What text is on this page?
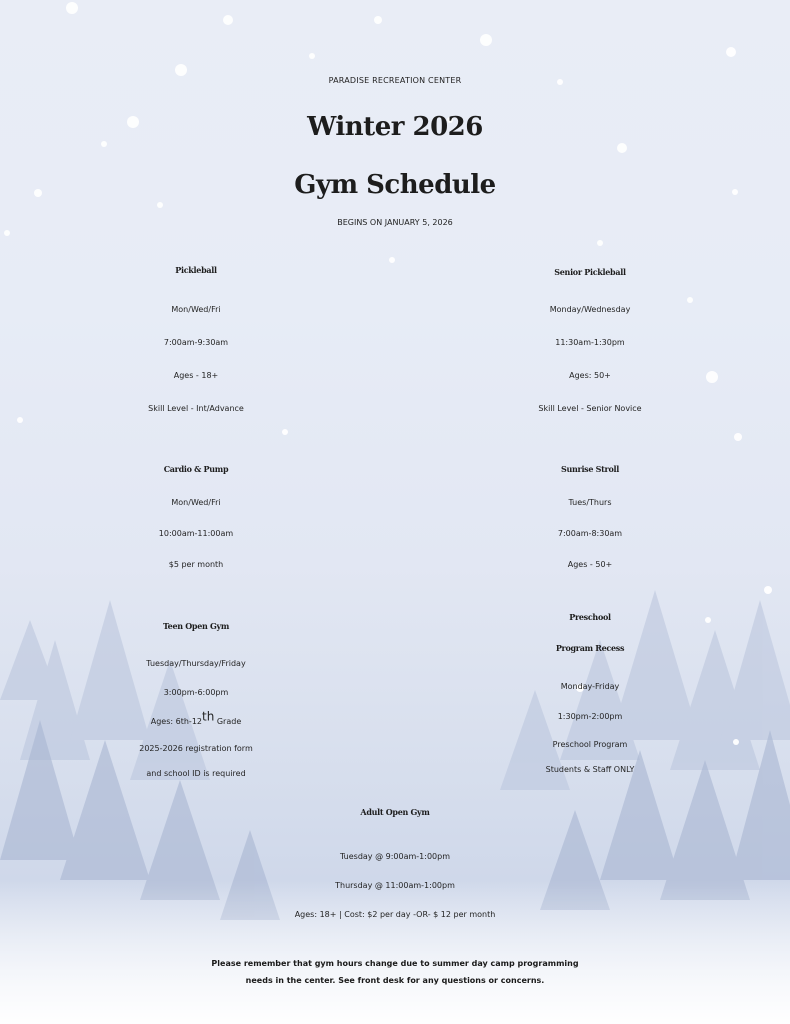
PARADISE RECREATION CENTER

Winter 2026

Gym Schedule

BEGINS ON JANUARY 5, 2026

Pickleball

Mon/Wed/Fri

7:00am-9:30am

Ages - 18+

Skill Level - Int/Advance

Senior Pickleball

Monday/Wednesday

11:30am-1:30pm

Ages: 50+

Skill Level - Senior Novice

Cardio & Pump

Mon/Wed/Fri

10:00am-11:00am

$5 per month

Sunrise Stroll

Tues/Thurs

7:00am-8:30am

Ages - 50+

Teen Open Gym

Tuesday/Thursday/Friday

3:00pm-6:00pm

Ages: 6th-12th Grade

2025-2026 registration form

and school ID is required

Preschool

Program Recess

Monday-Friday

1:30pm-2:00pm

Preschool Program

Students & Staff ONLY

Adult Open Gym

Tuesday @ 9:00am-1:00pm

Thursday @ 11:00am-1:00pm

Ages: 18+ | Cost: $2 per day -OR- $ 12 per month

Please remember that gym hours change due to summer day camp programming

needs in the center. See front desk for any questions or concerns.
